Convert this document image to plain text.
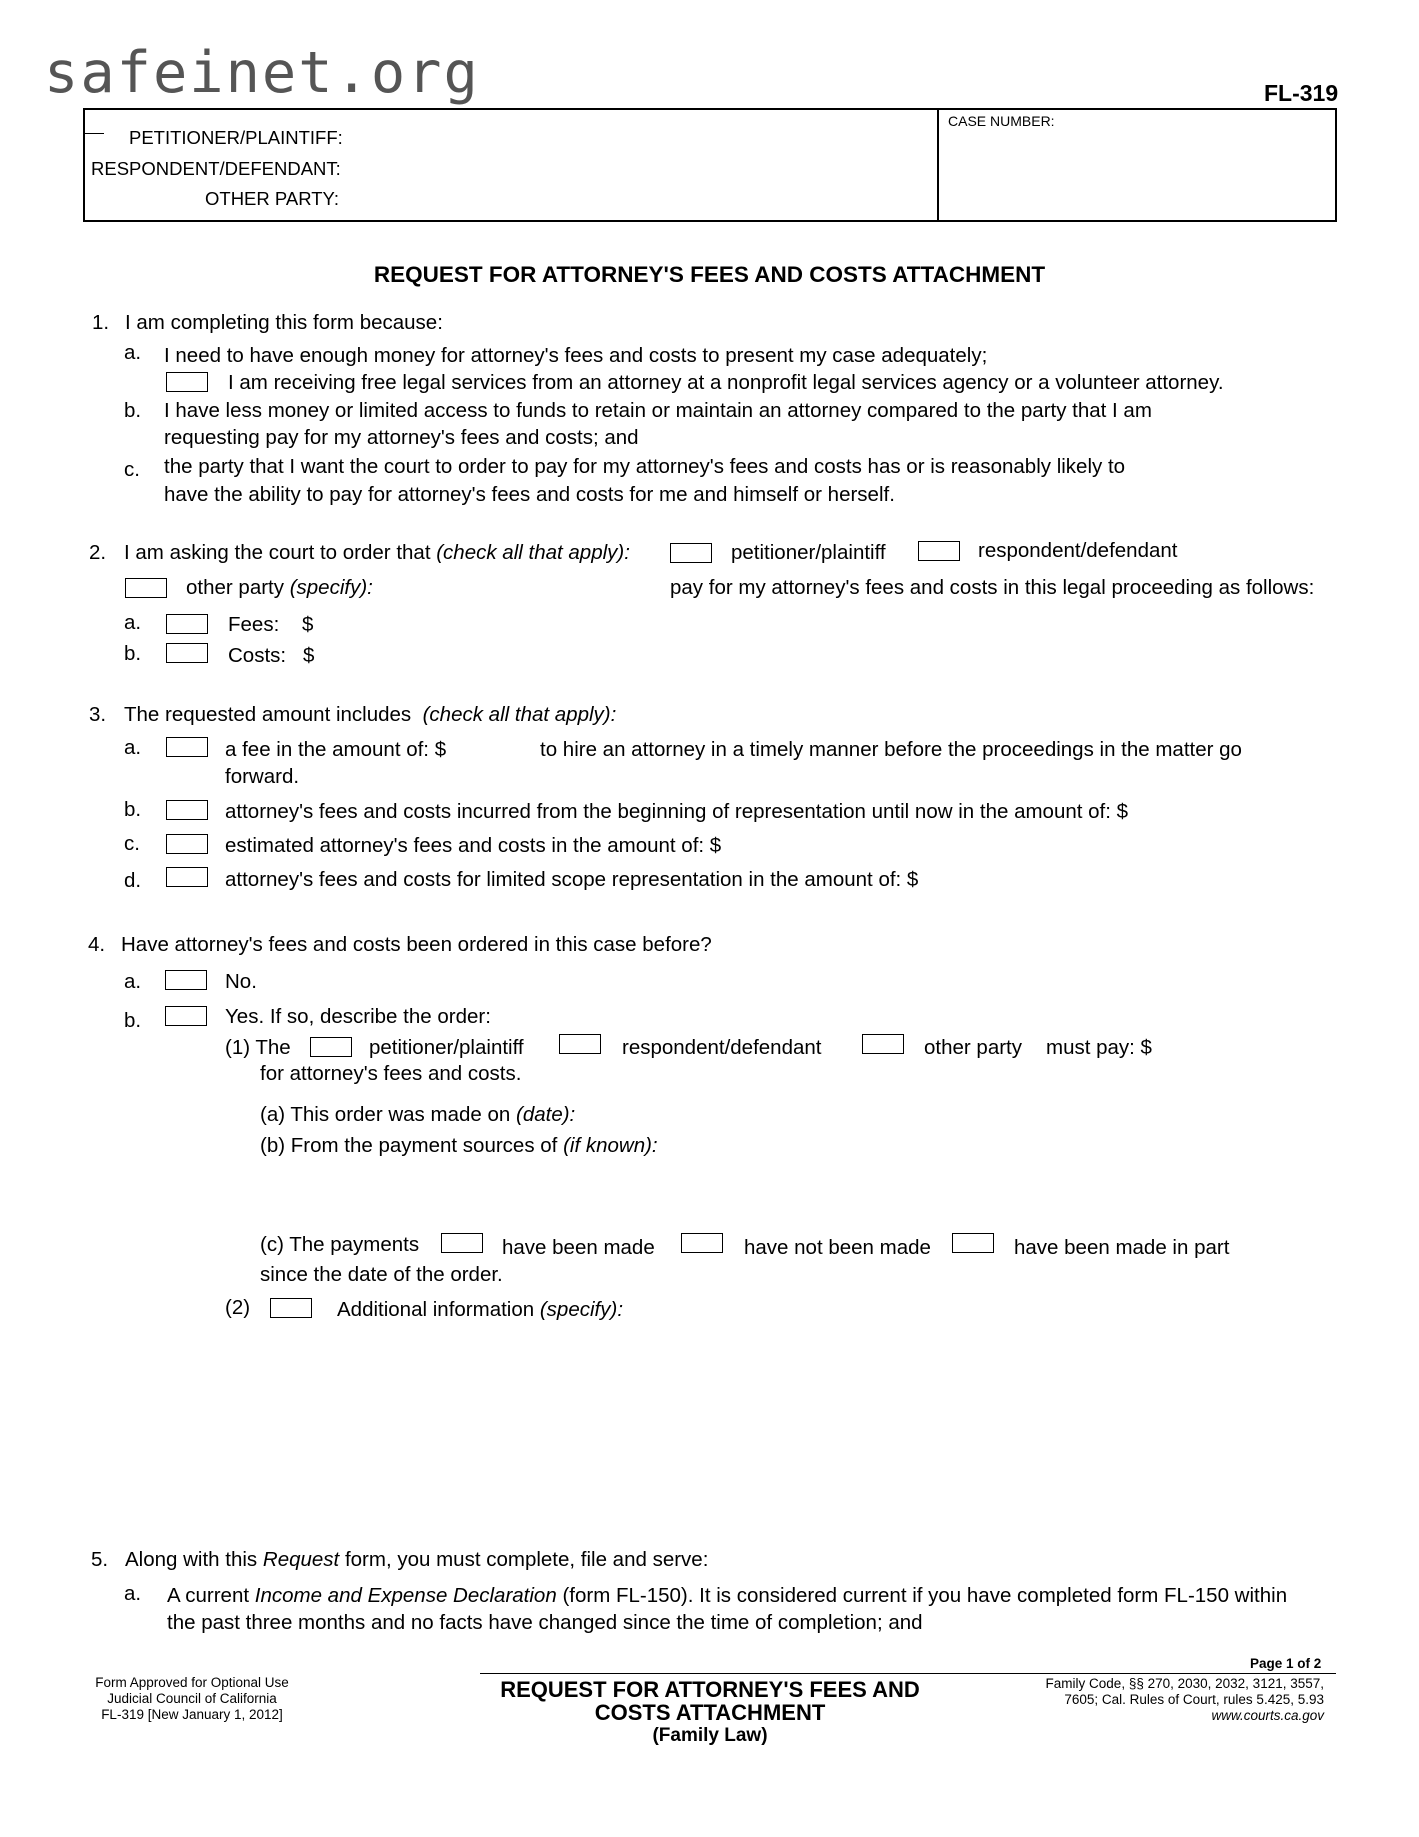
safeinet.org	FL-319
PETITIONER/PLAINTIFF:
RESPONDENT/DEFENDANT:
OTHER PARTY:
CASE NUMBER:
REQUEST FOR ATTORNEY'S FEES AND COSTS ATTACHMENT
1. I am completing this form because:
a. I need to have enough money for attorney's fees and costs to present my case adequately;
I am receiving free legal services from an attorney at a nonprofit legal services agency or a volunteer attorney.
b. I have less money or limited access to funds to retain or maintain an attorney compared to the party that I am
requesting pay for my attorney's fees and costs; and
c. the party that I want the court to order to pay for my attorney's fees and costs has or is reasonably likely to
have the ability to pay for attorney's fees and costs for me and himself or herself.
2. I am asking the court to order that (check all that apply):	petitioner/plaintiff	respondent/defendant
other party (specify):	pay for my attorney's fees and costs in this legal proceeding as follows:
a.	Fees: $
b.	Costs: $
3. The requested amount includes (check all that apply):
a.	a fee in the amount of: $	to hire an attorney in a timely manner before the proceedings in the matter go
forward.
b.	attorney's fees and costs incurred from the beginning of representation until now in the amount of: $
c.	estimated attorney's fees and costs in the amount of: $
d.	attorney's fees and costs for limited scope representation in the amount of: $
4. Have attorney's fees and costs been ordered in this case before?
a.	No.
b.	Yes. If so, describe the order:
(1) The	petitioner/plaintiff	respondent/defendant	other party must pay: $
for attorney's fees and costs.
(a) This order was made on (date):
(b) From the payment sources of (if known):
(c) The payments	have been made	have not been made	have been made in part
since the date of the order.
(2)	Additional information (specify):
5. Along with this Request form, you must complete, file and serve:
a. A current Income and Expense Declaration (form FL-150). It is considered current if you have completed form FL-150 within
the past three months and no facts have changed since the time of completion; and
Page 1 of 2
Form Approved for Optional Use
Judicial Council of California
FL-319 [New January 1, 2012]
REQUEST FOR ATTORNEY'S FEES AND
COSTS ATTACHMENT
(Family Law)
Family Code, §§ 270, 2030, 2032, 3121, 3557,
7605; Cal. Rules of Court, rules 5.425, 5.93
www.courts.ca.gov
